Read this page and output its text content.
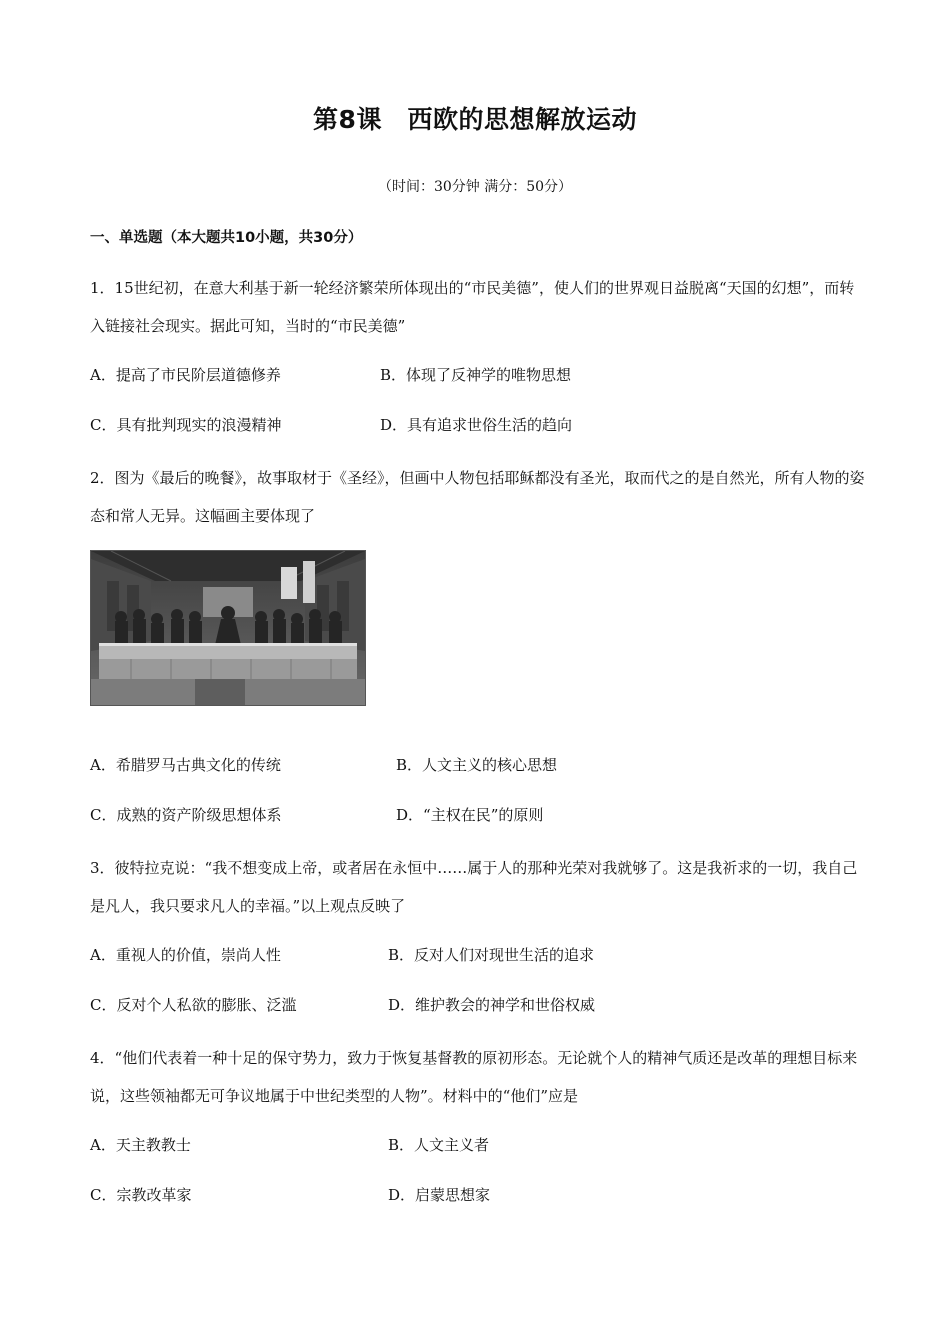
第8课　西欧的思想解放运动
（时间：30分钟 满分：50分）
一、单选题（本大题共10小题，共30分）
1．15世纪初，在意大利基于新一轮经济繁荣所体现出的“市民美德”，使人们的世界观日益脱离“天国的幻想”，而转入链接社会现实。据此可知，当时的“市民美德”
A．提高了市民阶层道德修养	B．体现了反神学的唯物思想
C．具有批判现实的浪漫精神	D．具有追求世俗生活的趋向
2．图为《最后的晚餐》，故事取材于《圣经》，但画中人物包括耶稣都没有圣光，取而代之的是自然光，所有人物的姿态和常人无异。这幅画主要体现了
A．希腊罗马古典文化的传统	B．人文主义的核心思想
C．成熟的资产阶级思想体系	D．“主权在民”的原则
3．彼特拉克说：“我不想变成上帝，或者居在永恒中……属于人的那种光荣对我就够了。这是我祈求的一切，我自己是凡人，我只要求凡人的幸福。”以上观点反映了
A．重视人的价值，崇尚人性	B．反对人们对现世生活的追求
C．反对个人私欲的膨胀、泛滥	D．维护教会的神学和世俗权威
4．“他们代表着一种十足的保守势力，致力于恢复基督教的原初形态。无论就个人的精神气质还是改革的理想目标来说，这些领袖都无可争议地属于中世纪类型的人物”。材料中的“他们”应是
A．天主教教士	B．人文主义者
C．宗教改革家	D．启蒙思想家
